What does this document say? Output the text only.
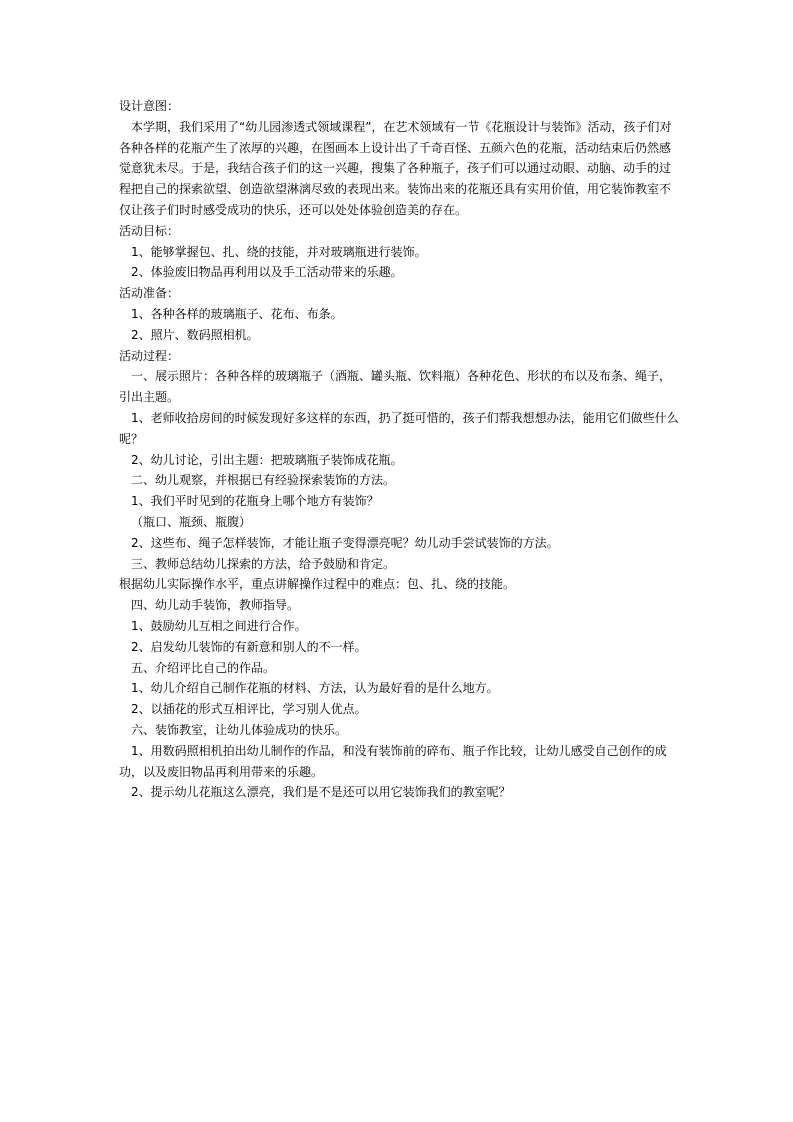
设计意图：
本学期，我们采用了“幼儿园渗透式领域课程”，在艺术领域有一节《花瓶设计与装饰》活动，孩子们对各种各样的花瓶产生了浓厚的兴趣，在图画本上设计出了千奇百怪、五颜六色的花瓶，活动结束后仍然感觉意犹未尽。于是，我结合孩子们的这一兴趣，搜集了各种瓶子，孩子们可以通过动眼、动脑、动手的过程把自己的探索欲望、创造欲望淋漓尽致的表现出来。装饰出来的花瓶还具有实用价值，用它装饰教室不仅让孩子们时时感受成功的快乐，还可以处处体验创造美的存在。
活动目标：
1、能够掌握包、扎、绕的技能，并对玻璃瓶进行装饰。
2、体验废旧物品再利用以及手工活动带来的乐趣。
活动准备：
1、各种各样的玻璃瓶子、花布、布条。
2、照片、数码照相机。
活动过程：
一、展示照片：各种各样的玻璃瓶子（酒瓶、罐头瓶、饮料瓶）各种花色、形状的布以及布条、绳子，引出主题。
1、老师收拾房间的时候发现好多这样的东西，扔了挺可惜的，孩子们帮我想想办法，能用它们做些什么呢？
2、幼儿讨论，引出主题：把玻璃瓶子装饰成花瓶。
二、幼儿观察，并根据已有经验探索装饰的方法。
1、我们平时见到的花瓶身上哪个地方有装饰？
（瓶口、瓶颈、瓶腹）
2、这些布、绳子怎样装饰，才能让瓶子变得漂亮呢？幼儿动手尝试装饰的方法。
三、教师总结幼儿探索的方法，给予鼓励和肯定。
根据幼儿实际操作水平，重点讲解操作过程中的难点：包、扎、绕的技能。
四、幼儿动手装饰，教师指导。
1、鼓励幼儿互相之间进行合作。
2、启发幼儿装饰的有新意和别人的不一样。
五、介绍评比自己的作品。
1、幼儿介绍自己制作花瓶的材料、方法，认为最好看的是什么地方。
2、以插花的形式互相评比，学习别人优点。
六、装饰教室，让幼儿体验成功的快乐。
1、用数码照相机拍出幼儿制作的作品，和没有装饰前的碎布、瓶子作比较，让幼儿感受自己创作的成功，以及废旧物品再利用带来的乐趣。
2、提示幼儿花瓶这么漂亮，我们是不是还可以用它装饰我们的教室呢？
